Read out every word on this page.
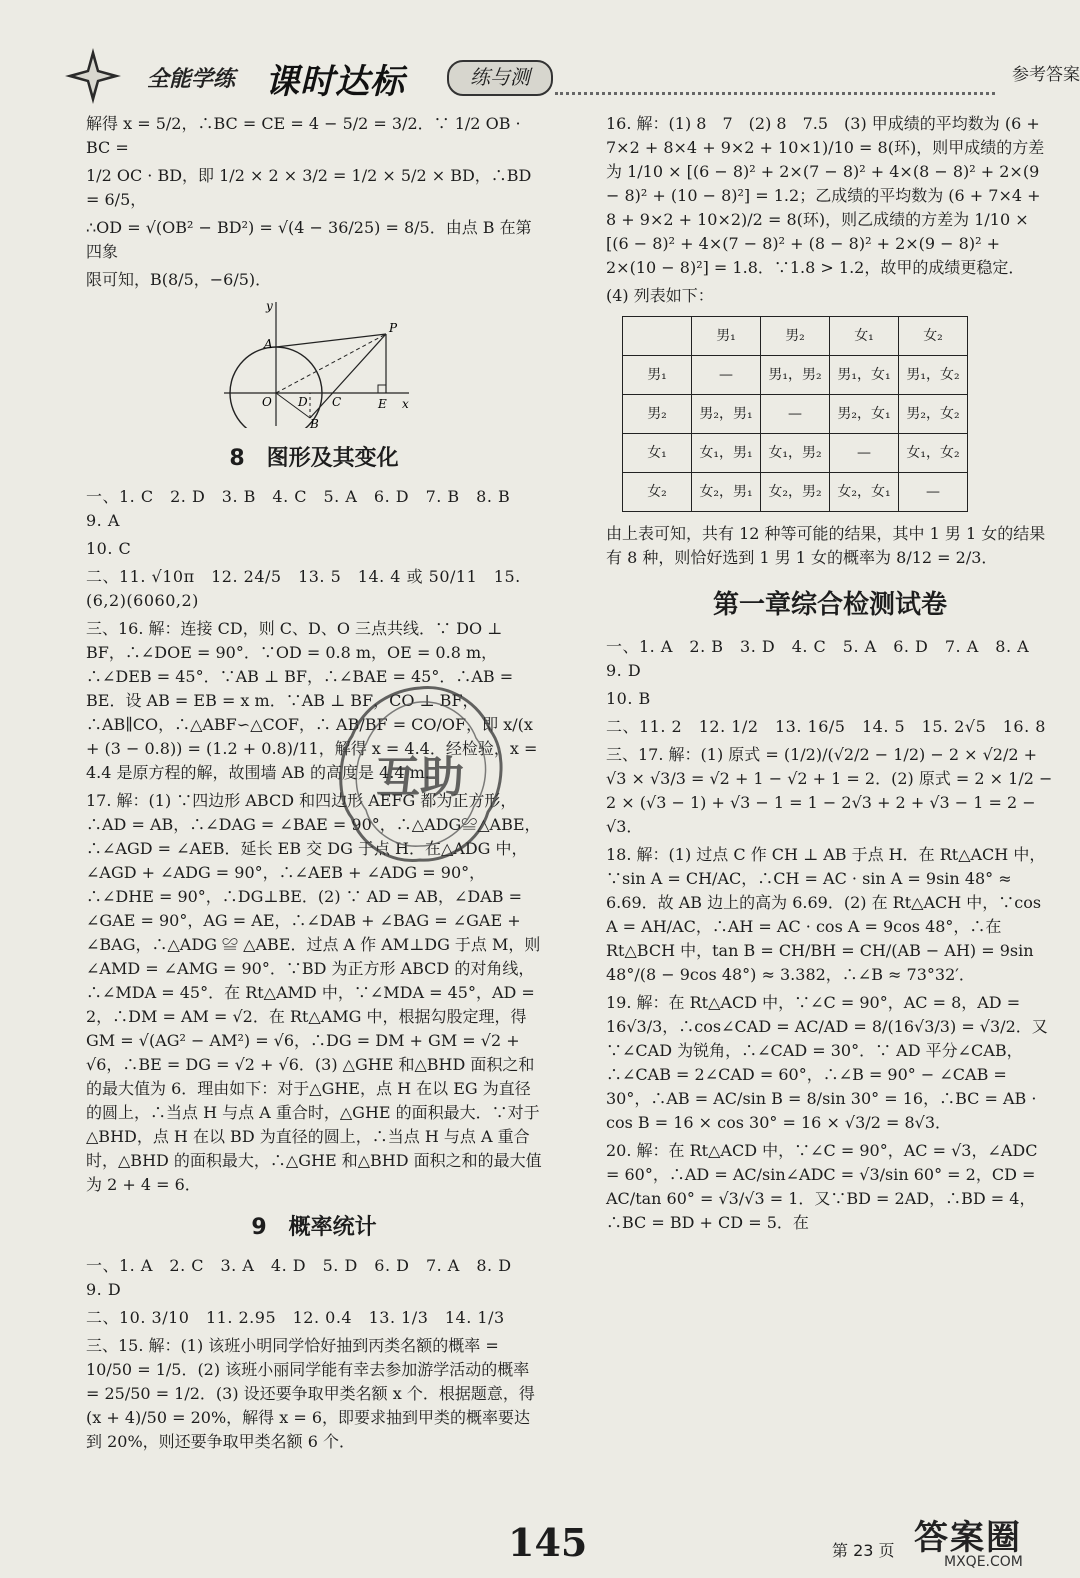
全能学练 课时达标	练与测	参考答案

解得 x = 5/2，∴BC = CE = 4 − 5/2 = 3/2．∵ 1/2 OB · BC =

1/2 OC · BD，即 1/2 × 2 × 3/2 = 1/2 × 5/2 × BD，∴BD = 6/5，

∴OD = √(OB² − BD²) = √(4 − 36/25) = 8/5．由点 B 在第四象

限可知，B(8/5，−6/5)．

y
x
A
P
O D C	E
B
8　图形及其变化

一、1. C　2. D　3. B　4. C　5. A　6. D　7. B　8. B　9. A

10. C

二、11. √10π　12. 24/5　13. 5　14. 4 或 50/11　15. (6,2)(6060,2)

三、16. 解：连接 CD，则 C、D、O 三点共线．∵ DO ⊥ BF，∴∠DOE = 90°．∵OD = 0.8 m，OE = 0.8 m，∴∠DEB = 45°．∵AB ⊥ BF，∴∠BAE = 45°．∴AB = BE．设 AB = EB = x m．∵AB ⊥ BF，CO ⊥ BF，∴AB∥CO，∴△ABF∽△COF，∴ AB/BF = CO/OF，即 x/(x + (3 − 0.8)) = (1.2 + 0.8)/11，解得 x = 4.4．经检验，x = 4.4 是原方程的解，故围墙 AB 的高度是 4.4 m．

17. 解：(1) ∵四边形 ABCD 和四边形 AEFG 都为正方形，∴AD = AB，∴∠DAG = ∠BAE = 90°，∴△ADG≌△ABE，∴∠AGD = ∠AEB．延长 EB 交 DG 于点 H．在△ADG 中，∠AGD + ∠ADG = 90°，∴∠AEB + ∠ADG = 90°，∴∠DHE = 90°，∴DG⊥BE．(2) ∵ AD = AB，∠DAB = ∠GAE = 90°，AG = AE，∴∠DAB + ∠BAG = ∠GAE + ∠BAG，∴△ADG ≌ △ABE．过点 A 作 AM⊥DG 于点 M，则∠AMD = ∠AMG = 90°．∵BD 为正方形 ABCD 的对角线，∴∠MDA = 45°．在 Rt△AMD 中，∵∠MDA = 45°，AD = 2，∴DM = AM = √2．在 Rt△AMG 中，根据勾股定理，得 GM = √(AG² − AM²) = √6，∴DG = DM + GM = √2 + √6，∴BE = DG = √2 + √6．(3) △GHE 和△BHD 面积之和的最大值为 6．理由如下：对于△GHE，点 H 在以 EG 为直径的圆上，∴当点 H 与点 A 重合时，△GHE 的面积最大．∵对于△BHD，点 H 在以 BD 为直径的圆上，∴当点 H 与点 A 重合时，△BHD 的面积最大，∴△GHE 和△BHD 面积之和的最大值为 2 + 4 = 6．

9　概率统计

一、1. A　2. C　3. A　4. D　5. D　6. D　7. A　8. D　9. D

二、10. 3/10　11. 2.95　12. 0.4　13. 1/3　14. 1/3

三、15. 解：(1) 该班小明同学恰好抽到丙类名额的概率 = 10/50 = 1/5．(2) 该班小丽同学能有幸去参加游学活动的概率 = 25/50 = 1/2．(3) 设还要争取甲类名额 x 个．根据题意，得 (x + 4)/50 = 20%，解得 x = 6，即要求抽到甲类的概率要达到 20%，则还要争取甲类名额 6 个．

16. 解：(1) 8　7　(2) 8　7.5　(3) 甲成绩的平均数为 (6 + 7×2 + 8×4 + 9×2 + 10×1)/10 = 8(环)，则甲成绩的方差为 1/10 × [(6 − 8)² + 2×(7 − 8)² + 4×(8 − 8)² + 2×(9 − 8)² + (10 − 8)²] = 1.2；乙成绩的平均数为 (6 + 7×4 + 8 + 9×2 + 10×2)/2 = 8(环)，则乙成绩的方差为 1/10 × [(6 − 8)² + 4×(7 − 8)² + (8 − 8)² + 2×(9 − 8)² + 2×(10 − 8)²] = 1.8．∵1.8 > 1.2，故甲的成绩更稳定．

(4) 列表如下：

	男₁	男₂	女₁	女₂
男₁	—	男₁，男₂	男₁，女₁	男₁，女₂
男₂	男₂，男₁	—	男₂，女₁	男₂，女₂
女₁	女₁，男₁	女₁，男₂	—	女₁，女₂
女₂	女₂，男₁	女₂，男₂	女₂，女₁	—

由上表可知，共有 12 种等可能的结果，其中 1 男 1 女的结果有 8 种，则恰好选到 1 男 1 女的概率为 8/12 = 2/3．

第一章综合检测试卷

一、1. A　2. B　3. D　4. C　5. A　6. D　7. A　8. A　9. D

10. B

二、11. 2　12. 1/2　13. 16/5　14. 5　15. 2√5　16. 8

三、17. 解：(1) 原式 = (1/2)/(√2/2 − 1/2) − 2 × √2/2 + √3 × √3/3 = √2 + 1 − √2 + 1 = 2．(2) 原式 = 2 × 1/2 − 2 × (√3 − 1) + √3 − 1 = 1 − 2√3 + 2 + √3 − 1 = 2 − √3．

18. 解：(1) 过点 C 作 CH ⊥ AB 于点 H．在 Rt△ACH 中，∵sin A = CH/AC，∴CH = AC · sin A = 9sin 48° ≈ 6.69．故 AB 边上的高为 6.69．(2) 在 Rt△ACH 中，∵cos A = AH/AC，∴AH = AC · cos A = 9cos 48°，∴在 Rt△BCH 中，tan B = CH/BH = CH/(AB − AH) = 9sin 48°/(8 − 9cos 48°) ≈ 3.382，∴∠B ≈ 73°32′．

19. 解：在 Rt△ACD 中，∵∠C = 90°，AC = 8，AD = 16√3/3，∴cos∠CAD = AC/AD = 8/(16√3/3) = √3/2．又∵∠CAD 为锐角，∴∠CAD = 30°．∵ AD 平分∠CAB，∴∠CAB = 2∠CAD = 60°，∴∠B = 90° − ∠CAB = 30°，∴AB = AC/sin B = 8/sin 30° = 16，∴BC = AB · cos B = 16 × cos 30° = 16 × √3/2 = 8√3．

20. 解：在 Rt△ACD 中，∵∠C = 90°，AC = √3，∠ADC = 60°，∴AD = AC/sin∠ADC = √3/sin 60° = 2，CD = AC/tan 60° = √3/√3 = 1．又∵BD = 2AD，∴BD = 4，∴BC = BD + CD = 5．在

互助
145	第 23 页 答案圈
MXQE.COM
